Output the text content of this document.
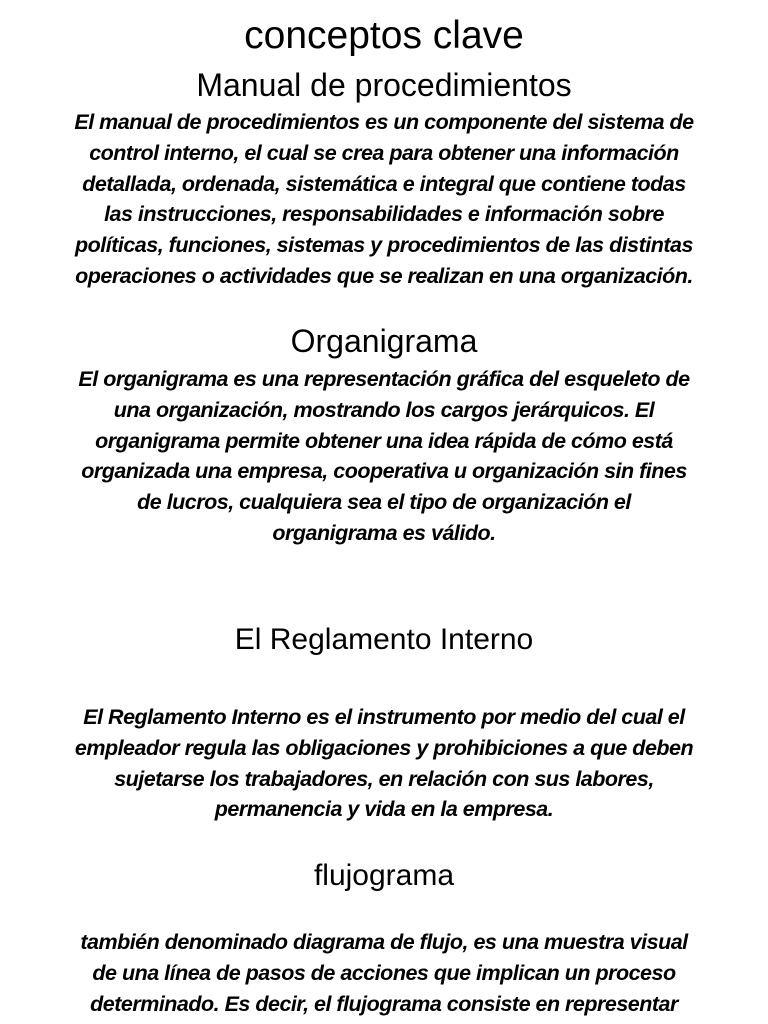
conceptos clave
Manual de procedimientos

El manual de procedimientos es un componente del sistema de
control interno, el cual se crea para obtener una información
detallada, ordenada, sistemática e integral que contiene todas
las instrucciones, responsabilidades e información sobre
políticas, funciones, sistemas y procedimientos de las distintas
operaciones o actividades que se realizan en una organización.

Organigrama

El organigrama es una representación gráfica del esqueleto de
una organización, mostrando los cargos jerárquicos. El
organigrama permite obtener una idea rápida de cómo está
organizada una empresa, cooperativa u organización sin fines
de lucros, cualquiera sea el tipo de organización el
organigrama es válido.

El Reglamento Interno

El Reglamento Interno es el instrumento por medio del cual el
empleador regula las obligaciones y prohibiciones a que deben
sujetarse los trabajadores, en relación con sus labores,
permanencia y vida en la empresa.

flujograma

también denominado diagrama de flujo, es una muestra visual
de una línea de pasos de acciones que implican un proceso
determinado. Es decir, el flujograma consiste en representar
